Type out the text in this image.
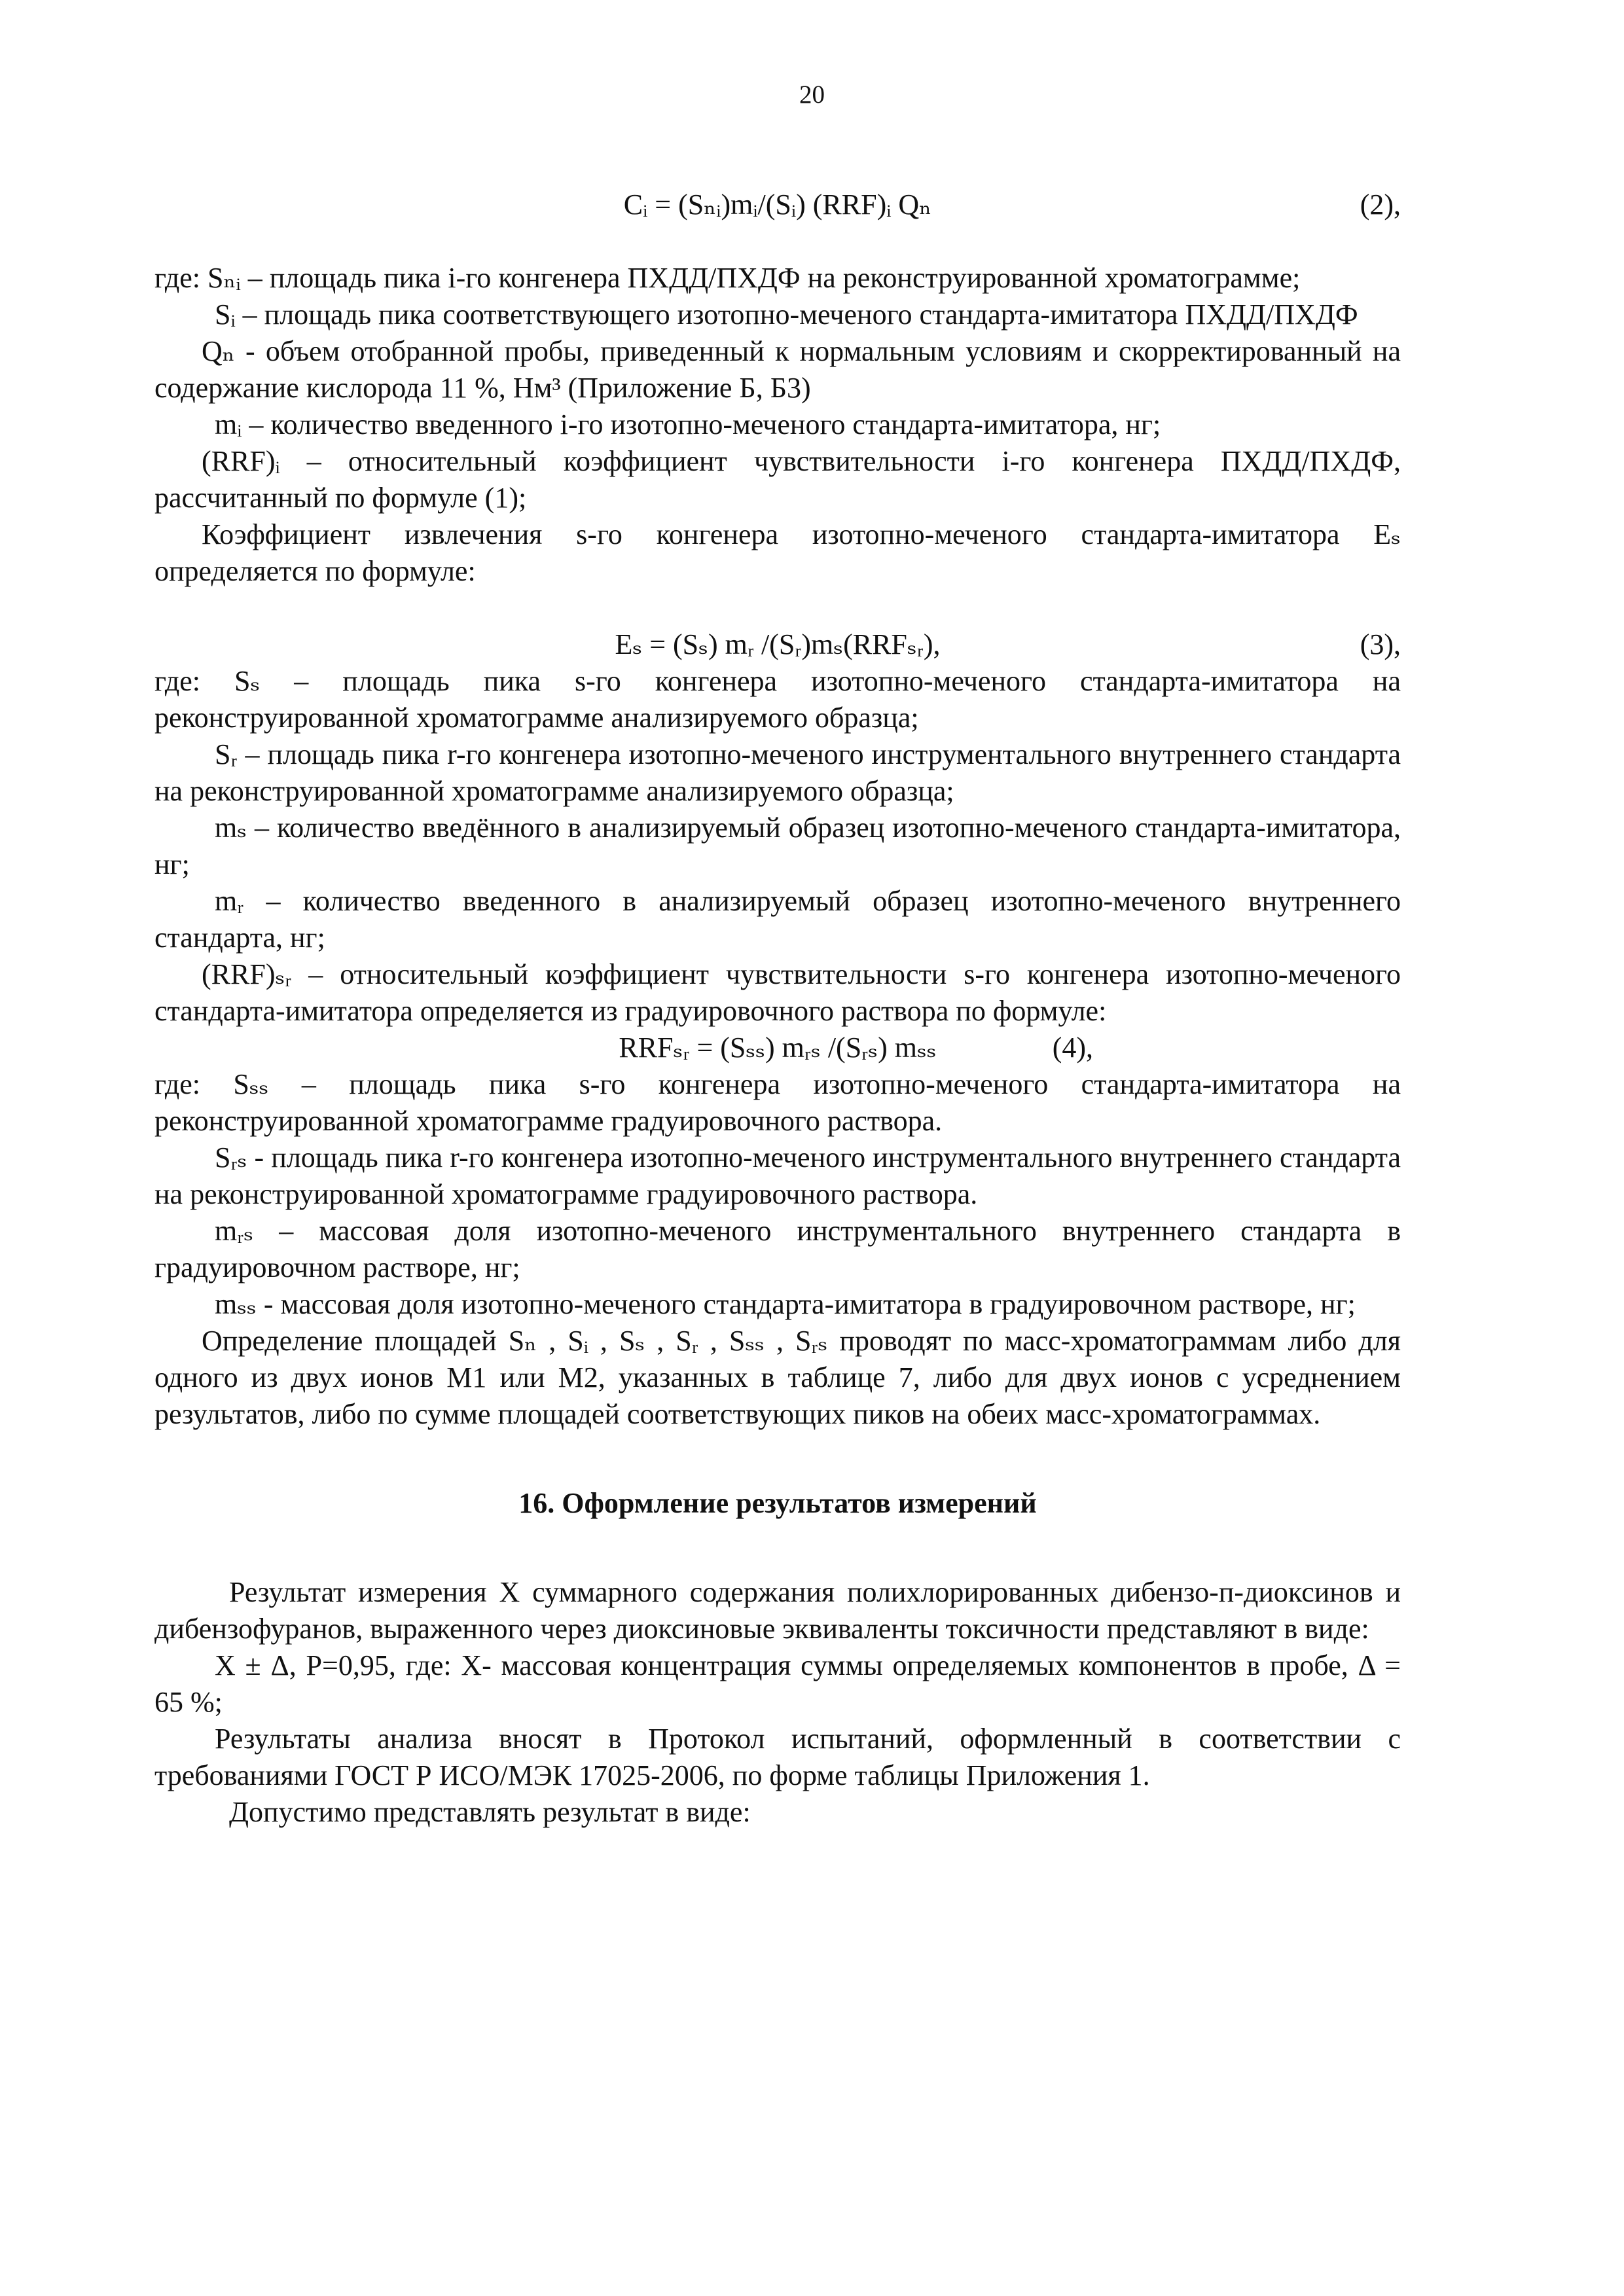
20
Cᵢ = (Sₙᵢ)mᵢ/(Sᵢ) (RRF)ᵢ Qₙ	(2),

где: Sₙᵢ – площадь пика i-го конгенера ПХДД/ПХДФ на реконструированной хроматограмме;

Sᵢ – площадь пика соответствующего изотопно-меченого стандарта-имитатора ПХДД/ПХДФ

Qₙ - объем отобранной пробы, приведенный к нормальным условиям и скорректированный на содержание кислорода 11 %, Нм³ (Приложение Б, Б3)

mᵢ – количество введенного i-го изотопно-меченого стандарта-имитатора, нг;

(RRF)ᵢ – относительный коэффициент чувствительности i-го конгенера ПХДД/ПХДФ, рассчитанный по формуле (1);

Коэффициент извлечения s-го конгенера изотопно-меченого стандарта-имитатора Eₛ определяется по формуле:

Eₛ = (Sₛ) mᵣ /(Sᵣ)mₛ(RRFₛᵣ),	(3),

где: Sₛ – площадь пика s-го конгенера изотопно-меченого стандарта-имитатора на реконструированной хроматограмме анализируемого образца;

Sᵣ – площадь пика r-го конгенера изотопно-меченого инструментального внутреннего стандарта на реконструированной хроматограмме анализируемого образца;

mₛ – количество введённого в анализируемый образец изотопно-меченого стандарта-имитатора, нг;

mᵣ – количество введенного в анализируемый образец изотопно-меченого внутреннего стандарта, нг;

(RRF)ₛᵣ – относительный коэффициент чувствительности s-го конгенера изотопно-меченого стандарта-имитатора определяется из градуировочного раствора по формуле:

RRFₛᵣ = (Sₛₛ) mᵣₛ /(Sᵣₛ) mₛₛ	(4),

где: Sₛₛ – площадь пика s-го конгенера изотопно-меченого стандарта-имитатора на реконструированной хроматограмме градуировочного раствора.

Sᵣₛ - площадь пика r-го конгенера изотопно-меченого инструментального внутреннего стандарта на реконструированной хроматограмме градуировочного раствора.

mᵣₛ – массовая доля изотопно-меченого инструментального внутреннего стандарта в градуировочном растворе, нг;

mₛₛ - массовая доля изотопно-меченого стандарта-имитатора в градуировочном растворе, нг;

Определение площадей Sₙ , Sᵢ , Sₛ , Sᵣ , Sₛₛ , Sᵣₛ проводят по масс-хроматограммам либо для одного из двух ионов М1 или М2, указанных в таблице 7, либо для двух ионов с усреднением результатов, либо по сумме площадей соответствующих пиков на обеих масс-хроматограммах.

16. Оформление результатов измерений

Результат измерения X суммарного содержания полихлорированных дибензо-п-диоксинов и дибензофуранов, выраженного через диоксиновые эквиваленты токсичности представляют в виде:

X ± Δ, P=0,95, где: X- массовая концентрация суммы определяемых компонентов в пробе, Δ = 65 %;

Результаты анализа вносят в Протокол испытаний, оформленный в соответствии с требованиями ГОСТ Р ИСО/МЭК 17025-2006, по форме таблицы Приложения 1.

Допустимо представлять результат в виде:
